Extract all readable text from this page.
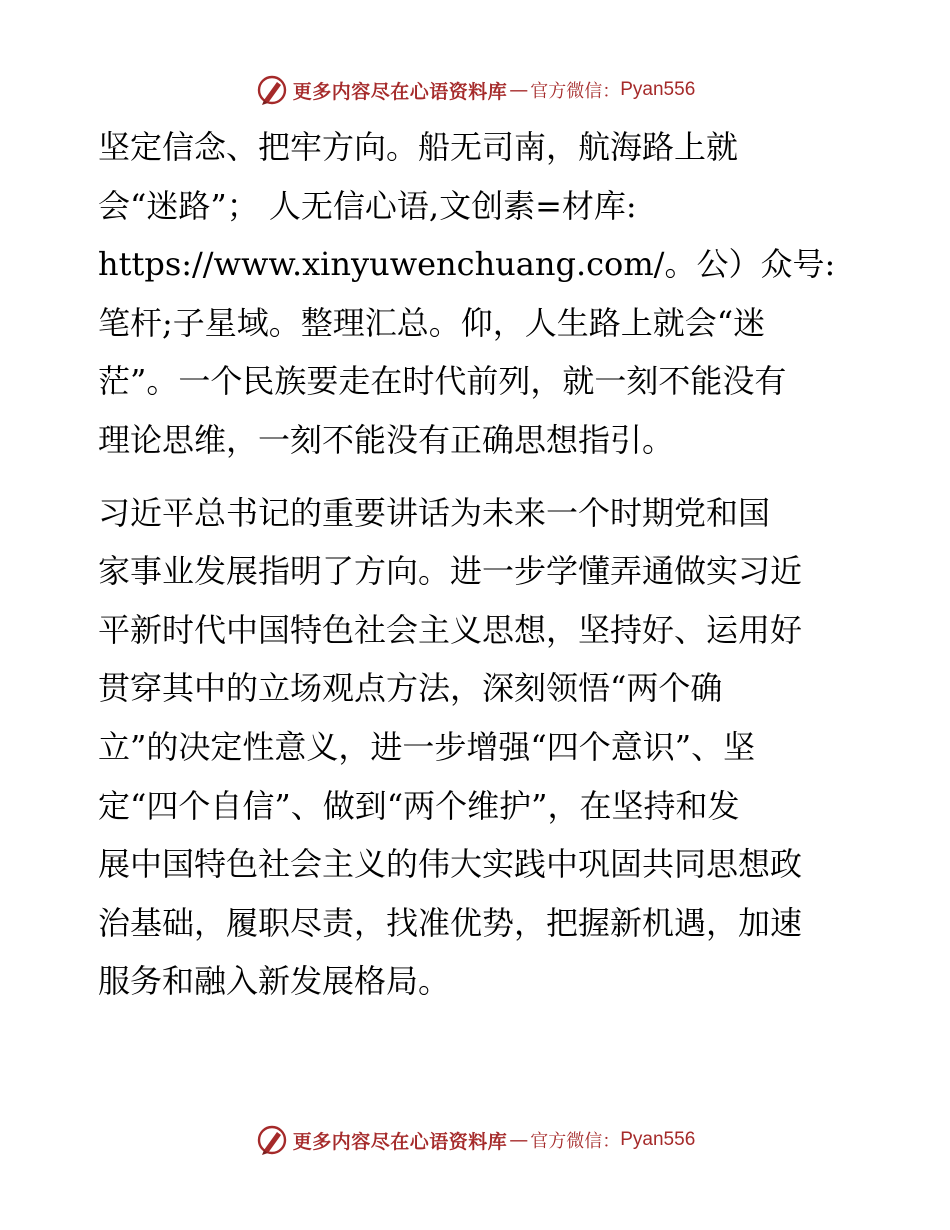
更多内容尽在心语资料库 — 官方微信： Pyan556

坚定信念、把牢方向。船无司南，航海路上就
会“迷路”； 人无信心语,文创素=材库:
https://www.xinyuwenchuang.com/。公）众号:
笔杆;子星域。整理汇总。仰，人生路上就会“迷
茫”。一个民族要走在时代前列，就一刻不能没有
理论思维，一刻不能没有正确思想指引。

习近平总书记的重要讲话为未来一个时期党和国
家事业发展指明了方向。进一步学懂弄通做实习近
平新时代中国特色社会主义思想，坚持好、运用好
贯穿其中的立场观点方法，深刻领悟“两个确
立”的决定性意义，进一步增强“四个意识”、坚
定“四个自信”、做到“两个维护”，在坚持和发
展中国特色社会主义的伟大实践中巩固共同思想政
治基础，履职尽责，找准优势，把握新机遇，加速
服务和融入新发展格局。

更多内容尽在心语资料库 — 官方微信： Pyan556
